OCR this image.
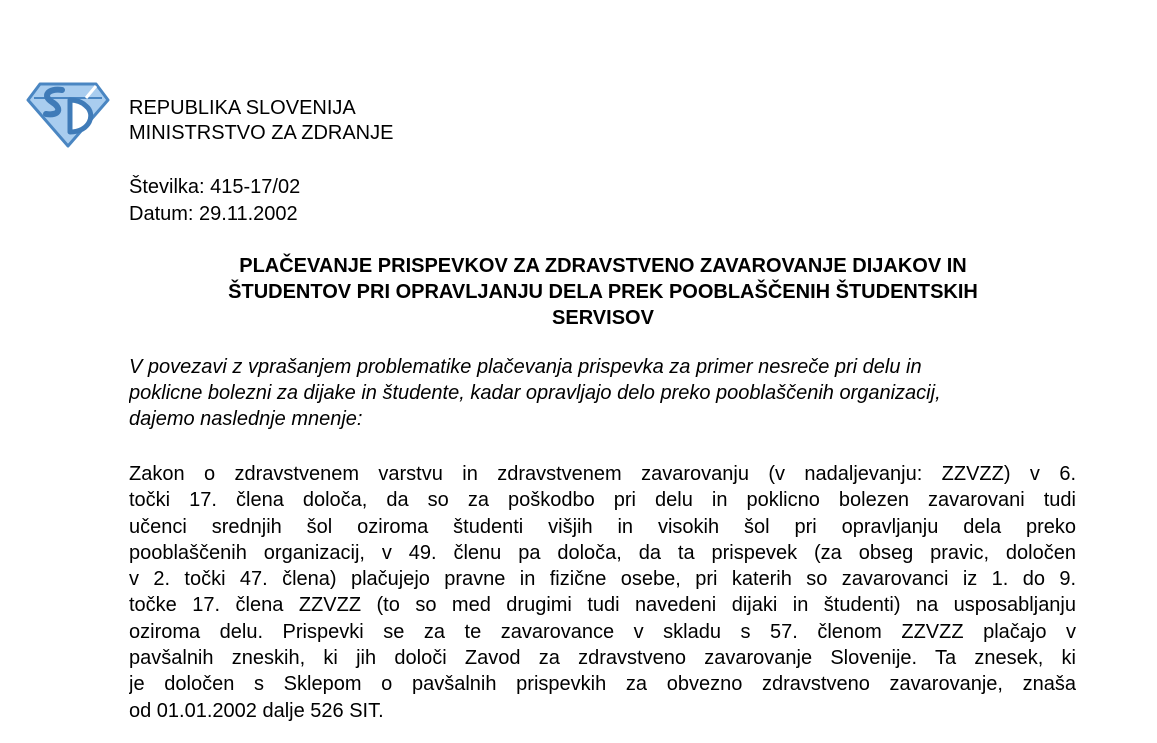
REPUBLIKA SLOVENIJA
MINISTRSTVO ZA ZDRANJE
Številka: 415-17/02
Datum: 29.11.2002
PLAČEVANJE PRISPEVKOV ZA ZDRAVSTVENO ZAVAROVANJE DIJAKOV IN
ŠTUDENTOV PRI OPRAVLJANJU DELA PREK POOBLAŠČENIH ŠTUDENTSKIH
SERVISOV
V povezavi z vprašanjem problematike plačevanja prispevka za primer nesreče pri delu in
poklicne bolezni za dijake in študente, kadar opravljajo delo preko pooblaščenih organizacij,
dajemo naslednje mnenje:
Zakon o zdravstvenem varstvu in zdravstvenem zavarovanju (v nadaljevanju: ZZVZZ) v 6.
točki 17. člena določa, da so za poškodbo pri delu in poklicno bolezen zavarovani tudi
učenci srednjih šol oziroma študenti višjih in visokih šol pri opravljanju dela preko
pooblaščenih organizacij, v 49. členu pa določa, da ta prispevek (za obseg pravic, določen
v 2. točki 47. člena) plačujejo pravne in fizične osebe, pri katerih so zavarovanci iz 1. do 9.
točke 17. člena ZZVZZ (to so med drugimi tudi navedeni dijaki in študenti) na usposabljanju
oziroma delu. Prispevki se za te zavarovance v skladu s 57. členom ZZVZZ plačajo v
pavšalnih zneskih, ki jih določi Zavod za zdravstveno zavarovanje Slovenije. Ta znesek, ki
je določen s Sklepom o pavšalnih prispevkih za obvezno zdravstveno zavarovanje, znaša
od 01.01.2002 dalje 526 SIT.
